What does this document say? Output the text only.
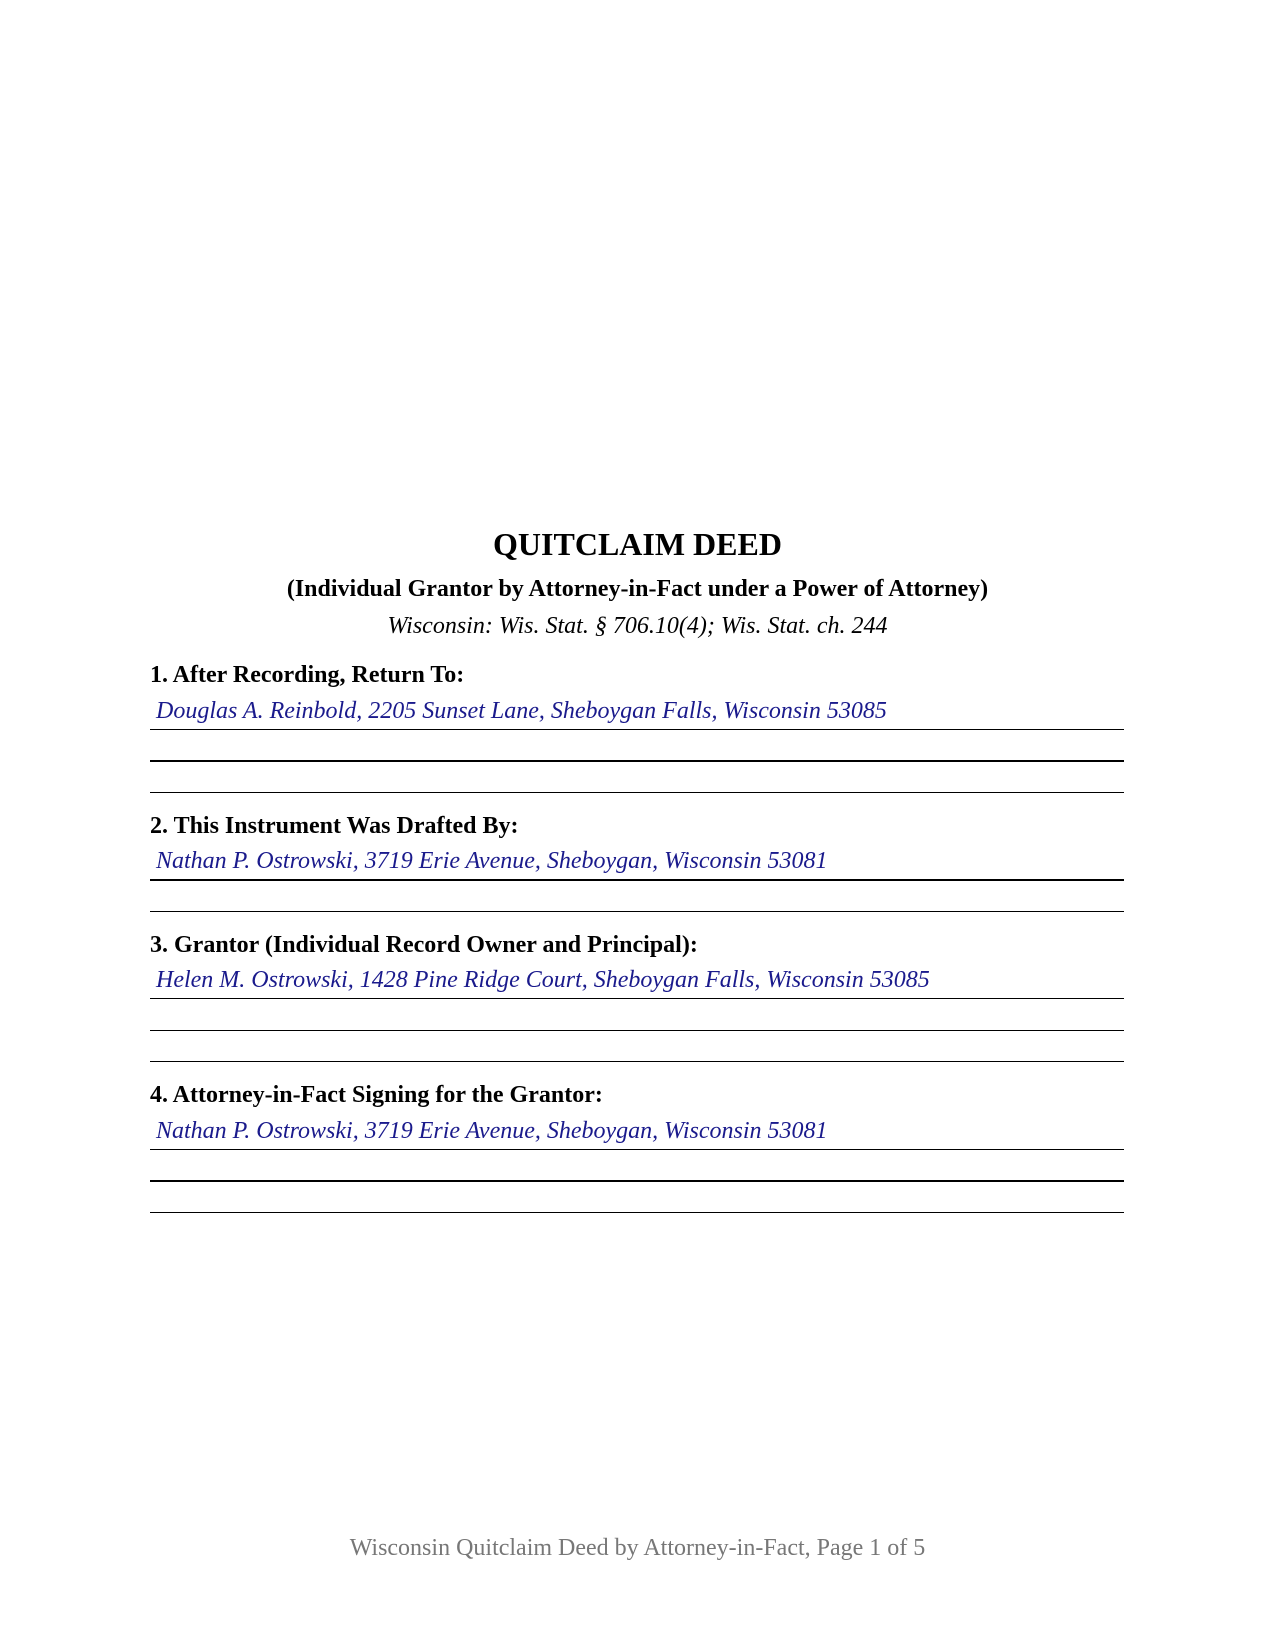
QUITCLAIM DEED
(Individual Grantor by Attorney-in-Fact under a Power of Attorney)
Wisconsin: Wis. Stat. § 706.10(4); Wis. Stat. ch. 244
1. After Recording, Return To:
Douglas A. Reinbold, 2205 Sunset Lane, Sheboygan Falls, Wisconsin 53085
2. This Instrument Was Drafted By:
Nathan P. Ostrowski, 3719 Erie Avenue, Sheboygan, Wisconsin 53081
3. Grantor (Individual Record Owner and Principal):
Helen M. Ostrowski, 1428 Pine Ridge Court, Sheboygan Falls, Wisconsin 53085
4. Attorney-in-Fact Signing for the Grantor:
Nathan P. Ostrowski, 3719 Erie Avenue, Sheboygan, Wisconsin 53081
Wisconsin Quitclaim Deed by Attorney-in-Fact, Page 1 of 5
